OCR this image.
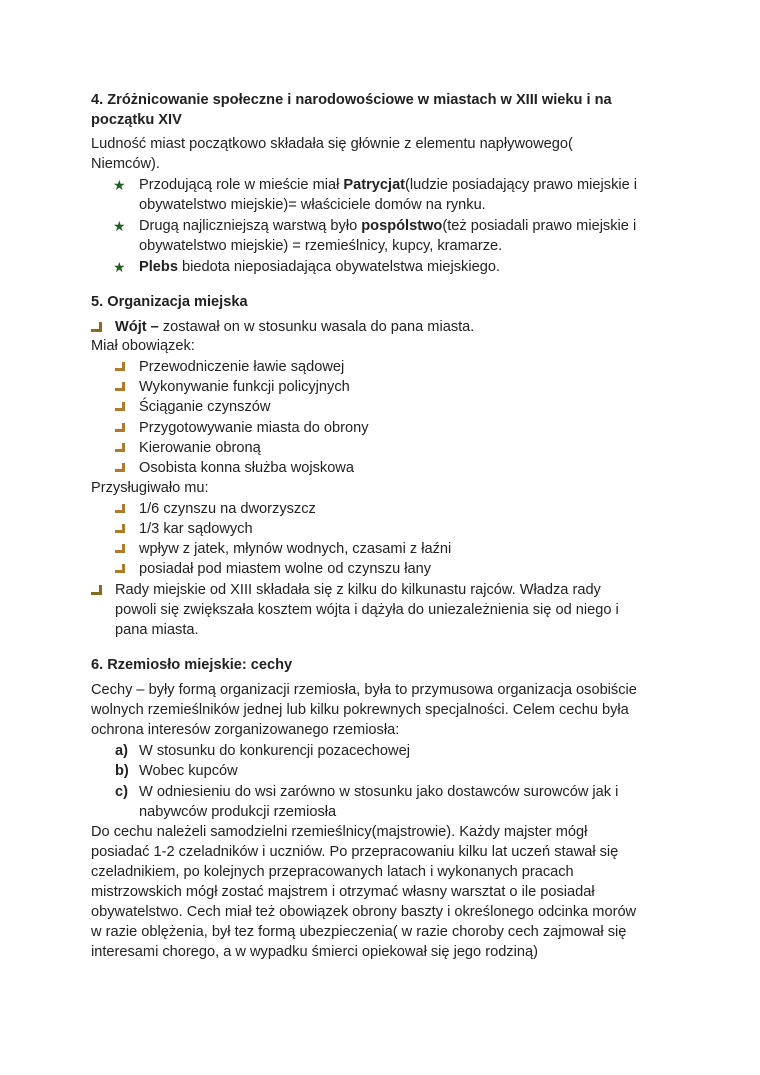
4. Zróżnicowanie społeczne i narodowościowe w miastach w XIII wieku i na
początku XIV
Ludność miast początkowo składała się głównie z elementu napływowego(
Niemców).
★ Przodującą role w mieście miał Patrycjat(ludzie posiadający prawo miejskie i
obywatelstwo miejskie)= właściciele domów na rynku.
★ Drugą najliczniejszą warstwą było pospólstwo(też posiadali prawo miejskie i
obywatelstwo miejskie) = rzemieślnicy, kupcy, kramarze.
★ Plebs biedota nieposiadająca obywatelstwa miejskiego.
5. Organizacja miejska
Wójt – zostawał on w stosunku wasala do pana miasta.
Miał obowiązek:
Przewodniczenie ławie sądowej
Wykonywanie funkcji policyjnych
Ściąganie czynszów
Przygotowywanie miasta do obrony
Kierowanie obroną
Osobista konna służba wojskowa
Przysługiwało mu:
1/6 czynszu na dworzyszcz
1/3 kar sądowych
wpływ z jatek, młynów wodnych, czasami z łaźni
posiadał pod miastem wolne od czynszu łany
Rady miejskie od XIII składała się z kilku do kilkunastu rajców. Władza rady
powoli się zwiększała kosztem wójta i dążyła do uniezależnienia się od niego i
pana miasta.
6. Rzemiosło miejskie: cechy
Cechy – były formą organizacji rzemiosła, była to przymusowa organizacja osobiście
wolnych rzemieślników jednej lub kilku pokrewnych specjalności. Celem cechu była
ochrona interesów zorganizowanego rzemiosła:
a) W stosunku do konkurencji pozacechowej
b) Wobec kupców
c) W odniesieniu do wsi zarówno w stosunku jako dostawców surowców jak i
nabywców produkcji rzemiosła
Do cechu należeli samodzielni rzemieślnicy(majstrowie). Każdy majster mógł
posiadać 1-2 czeladników i uczniów. Po przepracowaniu kilku lat uczeń stawał się
czeladnikiem, po kolejnych przepracowanych latach i wykonanych pracach
mistrzowskich mógł zostać majstrem i otrzymać własny warsztat o ile posiadał
obywatelstwo. Cech miał też obowiązek obrony baszty i określonego odcinka morów
w razie oblężenia, był tez formą ubezpieczenia( w razie choroby cech zajmował się
interesami chorego, a w wypadku śmierci opiekował się jego rodziną)
